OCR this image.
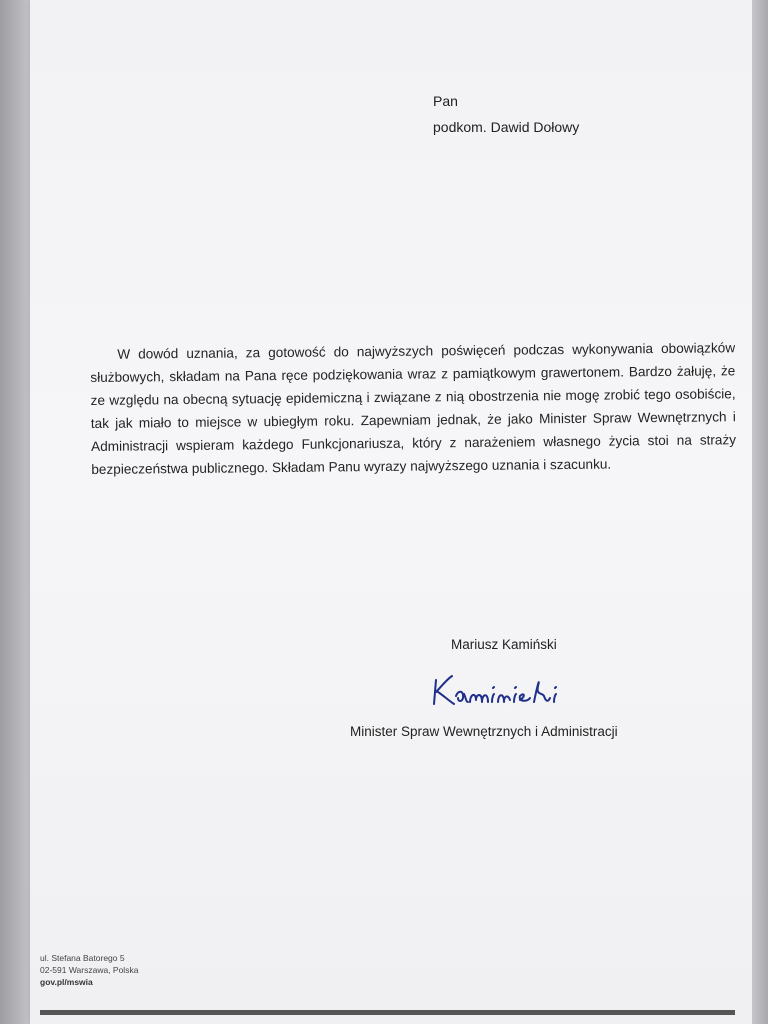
Pan
podkom. Dawid Dołowy

W dowód uznania, za gotowość do najwyższych poświęceń podczas wykonywania obowiązków służbowych, składam na Pana ręce podziękowania wraz z pamiątkowym grawertonem. Bardzo żałuję, że ze względu na obecną sytuację epidemiczną i związane z nią obostrzenia nie mogę zrobić tego osobiście, tak jak miało to miejsce w ubiegłym roku. Zapewniam jednak, że jako Minister Spraw Wewnętrznych i Administracji wspieram każdego Funkcjonariusza, który z narażeniem własnego życia stoi na straży bezpieczeństwa publicznego. Składam Panu wyrazy najwyższego uznania i szacunku.

Mariusz Kamiński
Minister Spraw Wewnętrznych i Administracji
ul. Stefana Batorego 5
02-591 Warszawa, Polska
gov.pl/mswia
